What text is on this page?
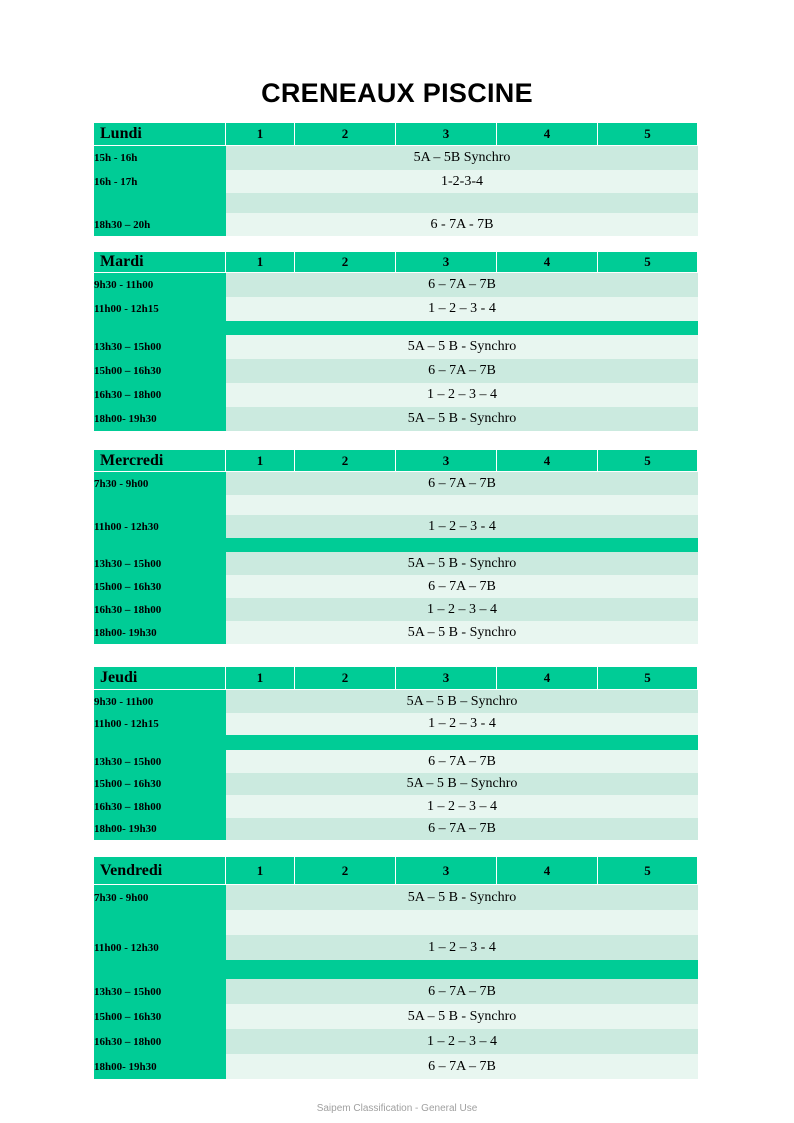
CRENEAUX PISCINE
Lundi	1	2	3	4	5
15h - 16h	5A – 5B Synchro				
16h - 17h	1-2-3-4				

18h30 – 20h	6 - 7A - 7B				
Mardi	1	2	3	4	5
9h30 - 11h00	6 – 7A – 7B				
11h00 - 12h15	1 – 2 – 3 - 4				

13h30 – 15h00	5A – 5 B - Synchro				
15h00 – 16h30	6 – 7A – 7B				
16h30 – 18h00	1 – 2 – 3 – 4				
18h00- 19h30	5A – 5 B - Synchro				
Mercredi	1	2	3	4	5
7h30 - 9h00	6 – 7A – 7B				

11h00 - 12h30	1 – 2 – 3 - 4				

13h30 – 15h00	5A – 5 B - Synchro				
15h00 – 16h30	6 – 7A – 7B				
16h30 – 18h00	1 – 2 – 3 – 4				
18h00- 19h30	5A – 5 B - Synchro				
Jeudi	1	2	3	4	5
9h30 - 11h00	5A – 5 B – Synchro				
11h00 - 12h15	1 – 2 – 3 - 4				

13h30 – 15h00	6 – 7A – 7B				
15h00 – 16h30	5A – 5 B – Synchro				
16h30 – 18h00	1 – 2 – 3 – 4				
18h00- 19h30	6 – 7A – 7B				
Vendredi	1	2	3	4	5
7h30 - 9h00	5A – 5 B - Synchro				

11h00 - 12h30	1 – 2 – 3 - 4				

13h30 – 15h00	6 – 7A – 7B				
15h00 – 16h30	5A – 5 B - Synchro				
16h30 – 18h00	1 – 2 – 3 – 4				
18h00- 19h30	6 – 7A – 7B				
Saipem Classification - General Use
